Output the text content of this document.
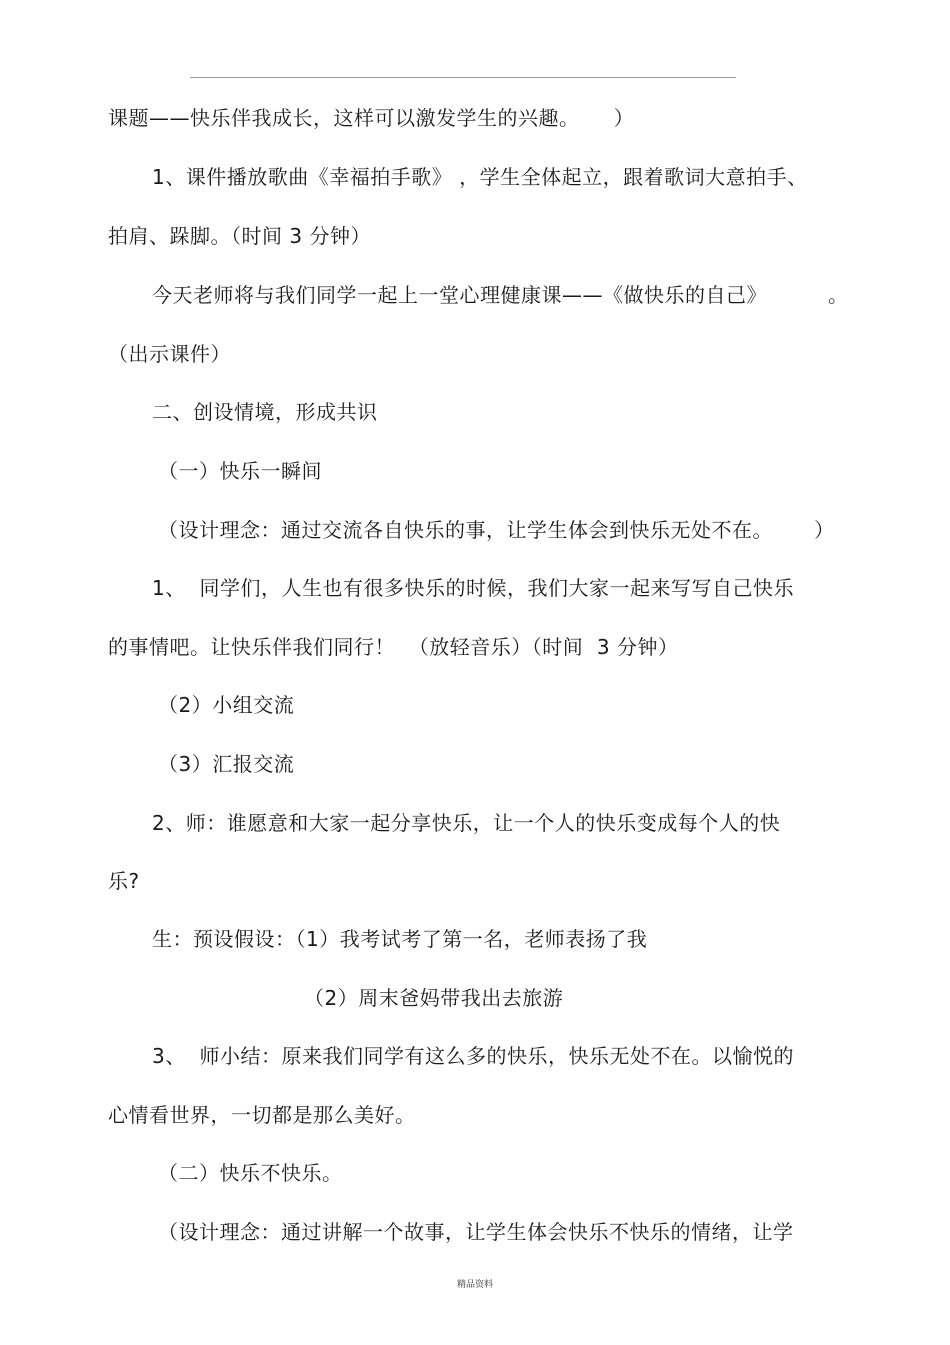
课题——快乐伴我成长，这样可以激发学生的兴趣。     ）
1、课件播放歌曲《幸福拍手歌》 ，学生全体起立，跟着歌词大意拍手、
拍肩、跺脚。（时间 3 分钟）
今天老师将与我们同学一起上一堂心理健康课——《做快乐的自己》	。
（出示课件）
二、创设情境，形成共识
（一）快乐一瞬间
（设计理念：通过交流各自快乐的事，让学生体会到快乐无处不在。      ）
1、  同学们，人生也有很多快乐的时候，我们大家一起来写写自己快乐
的事情吧。让快乐伴我们同行！  （放轻音乐）（时间  3 分钟）
（2）小组交流
（3）汇报交流
2、师：谁愿意和大家一起分享快乐，让一个人的快乐变成每个人的快
乐?
生：预设假设：（1）我考试考了第一名，老师表扬了我
（2）周末爸妈带我出去旅游
3、  师小结：原来我们同学有这么多的快乐，快乐无处不在。以愉悦的
心情看世界，一切都是那么美好。
（二）快乐不快乐。
（设计理念：通过讲解一个故事，让学生体会快乐不快乐的情绪，让学
精品资料
